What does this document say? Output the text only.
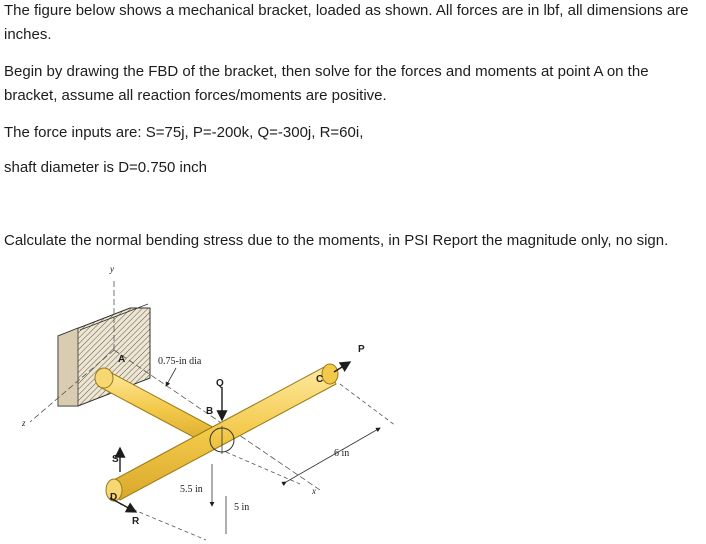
The figure below shows a mechanical bracket, loaded as shown. All forces are in lbf, all dimensions are inches.

Begin by drawing the FBD of the bracket, then solve for the forces and moments at point A on the bracket, assume all reaction forces/moments are positive.

The force inputs are: S=75j, P=-200k, Q=-300j, R=60i,

shaft diameter is D=0.750 inch

Calculate the normal bending stress due to the moments, in PSI Report the magnitude only, no sign.

y
z
x
0.75-in dia
A
B
C
D
P
Q
R
S
6 in
5.5 in
5 in
